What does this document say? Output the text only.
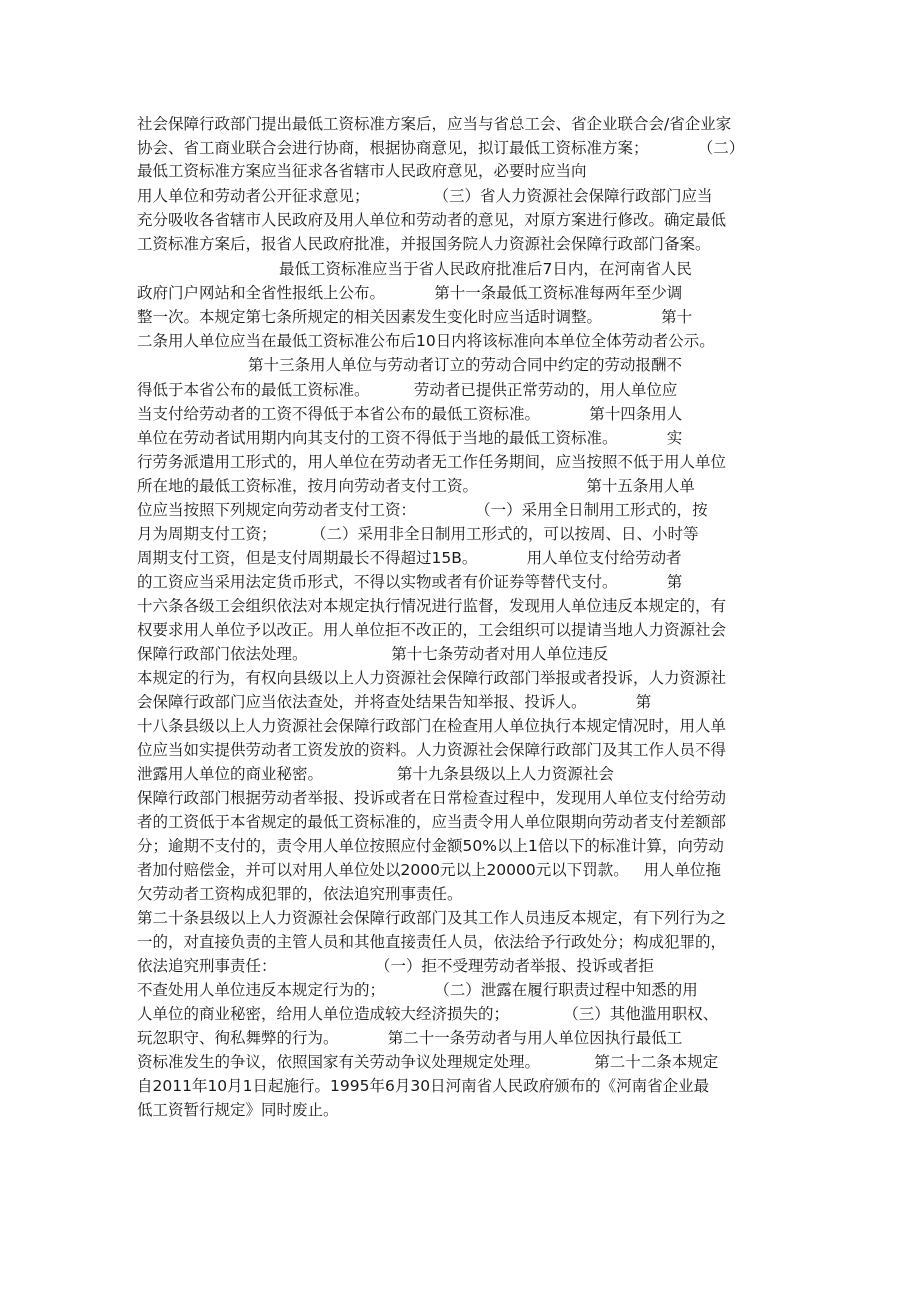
社会保障行政部门提出最低工资标准方案后，应当与省总工会、省企业联合会/省企业家
协会、省工商业联合会进行协商，根据协商意见，拟订最低工资标准方案；          （二）
最低工资标准方案应当征求各省辖市人民政府意见，必要时应当向
用人单位和劳动者公开征求意见；             （三）省人力资源社会保障行政部门应当
充分吸收各省辖市人民政府及用人单位和劳动者的意见，对原方案进行修改。确定最低
工资标准方案后，报省人民政府批准，并报国务院人力资源社会保障行政部门备案。
最低工资标准应当于省人民政府批准后7日内，在河南省人民
政府门户网站和全省性报纸上公布。          第十一条最低工资标准每两年至少调
整一次。本规定第七条所规定的相关因素发生变化时应当适时调整。            第十
二条用人单位应当在最低工资标准公布后10日内将该标准向本单位全体劳动者公示。
第十三条用人单位与劳动者订立的劳动合同中约定的劳动报酬不
得低于本省公布的最低工资标准。         劳动者已提供正常劳动的，用人单位应
当支付给劳动者的工资不得低于本省公布的最低工资标准。          第十四条用人
单位在劳动者试用期内向其支付的工资不得低于当地的最低工资标准。          实
行劳务派遣用工形式的，用人单位在劳动者无工作任务期间，应当按照不低于用人单位
所在地的最低工资标准，按月向劳动者支付工资。                      第十五条用人单
位应当按照下列规定向劳动者支付工资：            （一）采用全日制用工形式的，按
月为周期支付工资；       （二）采用非全日制用工形式的，可以按周、日、小时等
周期支付工资，但是支付周期最长不得超过15B。          用人单位支付给劳动者
的工资应当采用法定货币形式，不得以实物或者有价证券等替代支付。          第
十六条各级工会组织依法对本规定执行情况进行监督，发现用人单位违反本规定的，有
权要求用人单位予以改正。用人单位拒不改正的，工会组织可以提请当地人力资源社会
保障行政部门依法处理。                 第十七条劳动者对用人单位违反
本规定的行为，有权向县级以上人力资源社会保障行政部门举报或者投诉，人力资源社
会保障行政部门应当依法查处，并将查处结果告知举报、投诉人。          第
十八条县级以上人力资源社会保障行政部门在检查用人单位执行本规定情况时，用人单
位应当如实提供劳动者工资发放的资料。人力资源社会保障行政部门及其工作人员不得
泄露用人单位的商业秘密。               第十九条县级以上人力资源社会
保障行政部门根据劳动者举报、投诉或者在日常检查过程中，发现用人单位支付给劳动
者的工资低于本省规定的最低工资标准的，应当责令用人单位限期向劳动者支付差额部
分；逾期不支付的，责令用人单位按照应付金额50%以上1倍以下的标准计算，向劳动
者加付赔偿金，并可以对用人单位处以2000元以上20000元以下罚款。   用人单位拖
欠劳动者工资构成犯罪的，依法追究刑事责任。
第二十条县级以上人力资源社会保障行政部门及其工作人员违反本规定，有下列行为之
一的，对直接负责的主管人员和其他直接责任人员，依法给予行政处分；构成犯罪的，
依法追究刑事责任：                    （一）拒不受理劳动者举报、投诉或者拒
不查处用人单位违反本规定行为的；          （二）泄露在履行职责过程中知悉的用
人单位的商业秘密，给用人单位造成较大经济损失的；           （三）其他滥用职权、
玩忽职守、徇私舞弊的行为。          第二十一条劳动者与用人单位因执行最低工
资标准发生的争议，依照国家有关劳动争议处理规定处理。           第二十二条本规定
自2011年10月1日起施行。1995年6月30日河南省人民政府颁布的《河南省企业最
低工资暂行规定》同时废止。
